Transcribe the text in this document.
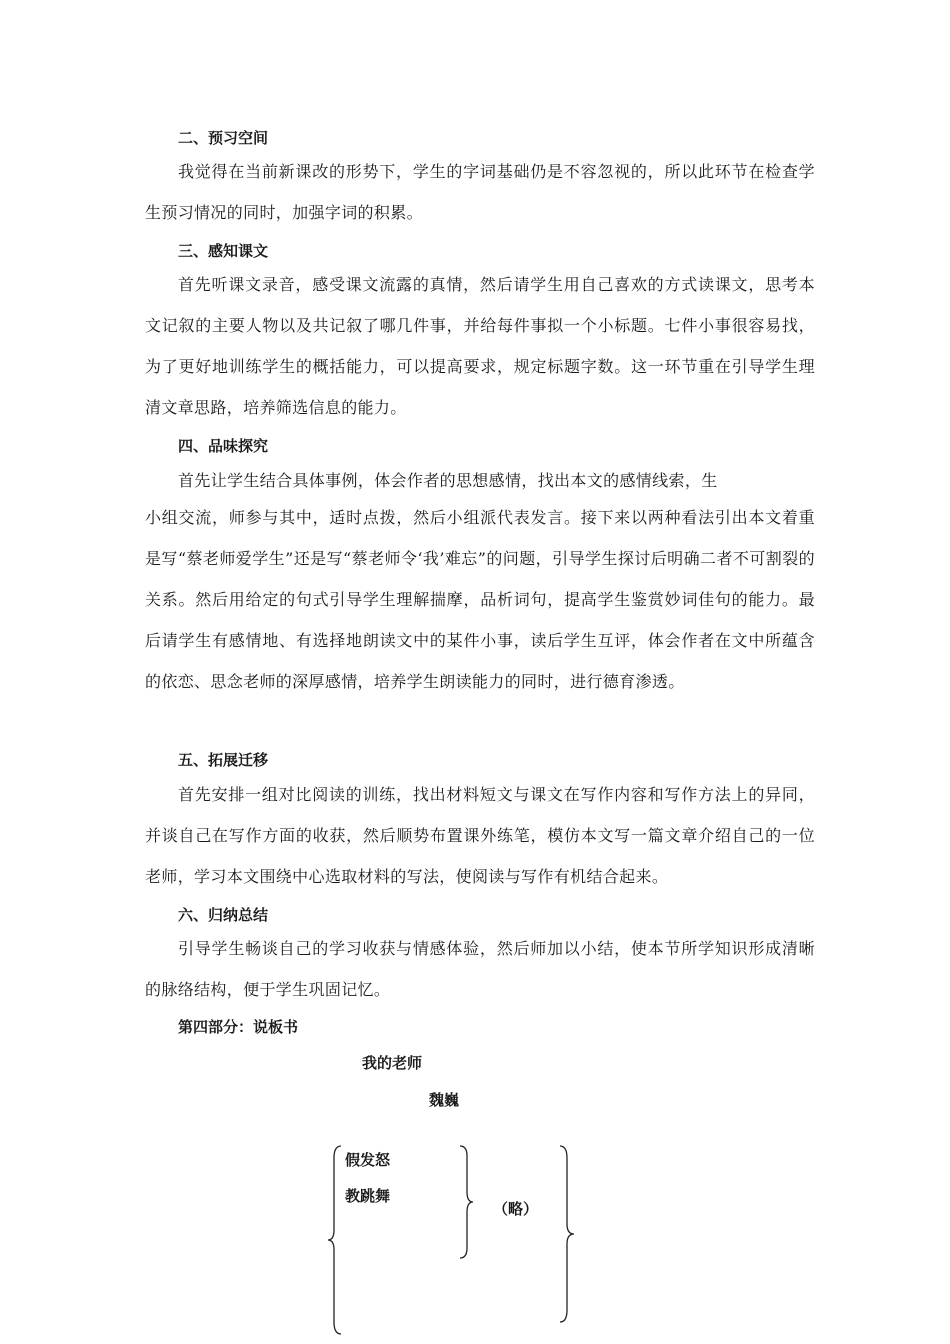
二、预习空间
我觉得在当前新课改的形势下，学生的字词基础仍是不容忽视的，所以此环节在检查学生预习情况的同时，加强字词的积累。
三、感知课文
首先听课文录音，感受课文流露的真情，然后请学生用自己喜欢的方式读课文，思考本文记叙的主要人物以及共记叙了哪几件事，并给每件事拟一个小标题。七件小事很容易找，为了更好地训练学生的概括能力，可以提高要求，规定标题字数。这一环节重在引导学生理清文章思路，培养筛选信息的能力。
四、品味探究
首先让学生结合具体事例，体会作者的思想感情，找出本文的感情线索，生
小组交流，师参与其中，适时点拨，然后小组派代表发言。接下来以两种看法引出本文着重是写“蔡老师爱学生”还是写“蔡老师令‘我’难忘”的问题，引导学生探讨后明确二者不可割裂的关系。然后用给定的句式引导学生理解揣摩，品析词句，提高学生鉴赏妙词佳句的能力。最后请学生有感情地、有选择地朗读文中的某件小事，读后学生互评，体会作者在文中所蕴含的依恋、思念老师的深厚感情，培养学生朗读能力的同时，进行德育渗透。
五、拓展迁移
首先安排一组对比阅读的训练，找出材料短文与课文在写作内容和写作方法上的异同，并谈自己在写作方面的收获，然后顺势布置课外练笔，模仿本文写一篇文章介绍自己的一位老师，学习本文围绕中心选取材料的写法，使阅读与写作有机结合起来。
六、归纳总结
引导学生畅谈自己的学习收获与情感体验，然后师加以小结，使本节所学知识形成清晰的脉络结构，便于学生巩固记忆。
第四部分：说板书
我的老师
魏巍
假发怒
教跳舞
（略）
